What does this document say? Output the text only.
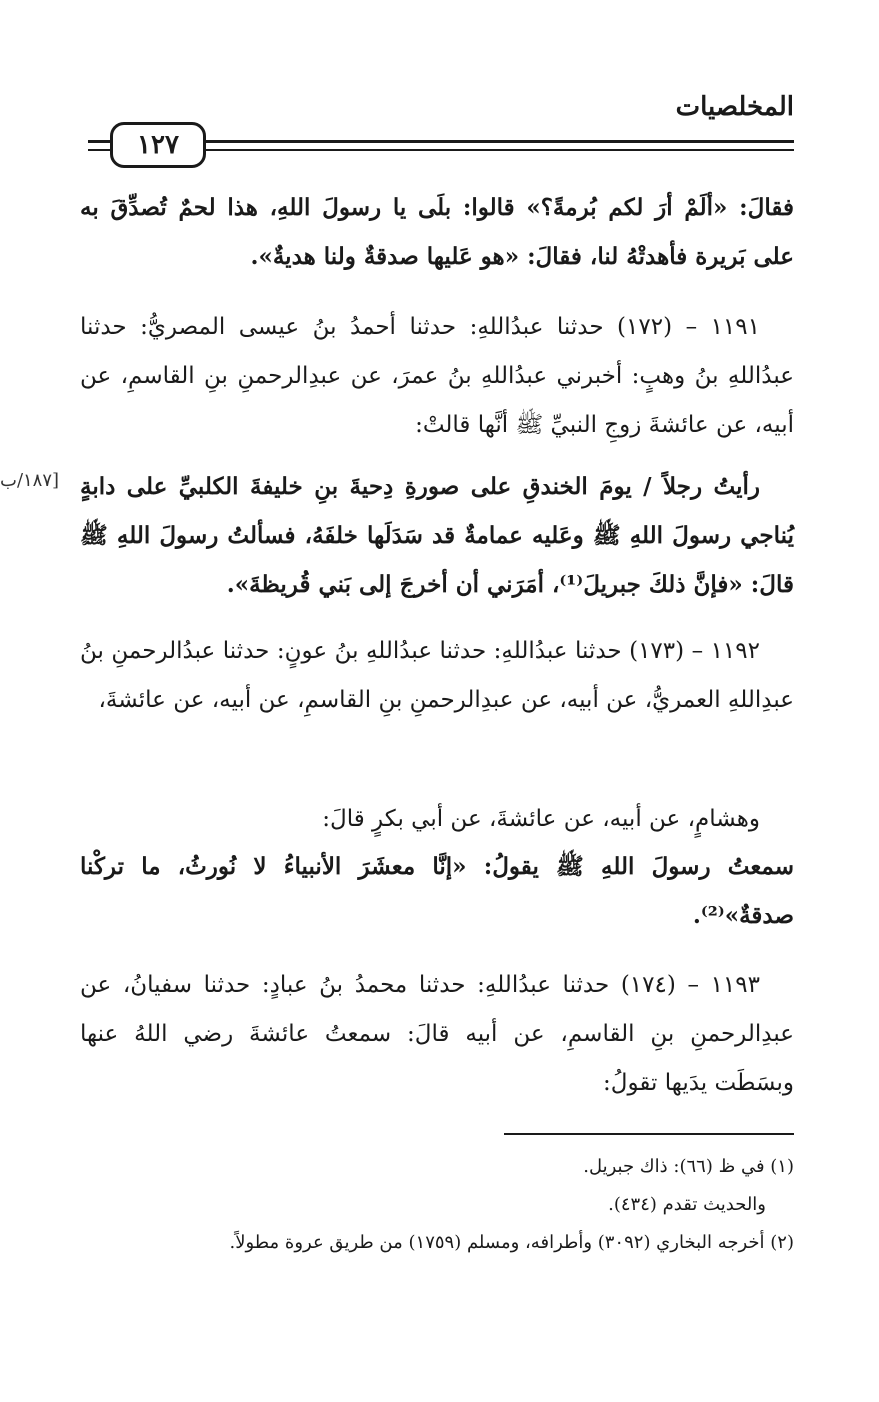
المخلصيات
١٢٧
فقالَ: «ألَمْ أرَ لكم بُرمةً؟» قالوا: بلَى يا رسولَ اللهِ، هذا لحمٌ تُصدِّقَ به على بَريرة فأهدتْهُ لنا، فقالَ: «هو عَليها صدقةٌ ولنا هديةٌ».
١١٩١ – (١٧٢) حدثنا عبدُاللهِ: حدثنا أحمدُ بنُ عيسى المصريُّ: حدثنا عبدُاللهِ بنُ وهبٍ: أخبرني عبدُاللهِ بنُ عمرَ، عن عبدِالرحمنِ بنِ القاسمِ، عن أبيه، عن عائشةَ زوجِ النبيِّ ﷺ أنَّها قالتْ:
[١٨٧/ب رأيتُ رجلاً / يومَ الخندقِ على صورةِ دِحيةَ بنِ خليفةَ الكلبيِّ على دابةٍ يُناجي رسولَ اللهِ ﷺ وعَليه عمامةٌ قد سَدَلَها خلفَهُ، فسألتُ رسولَ اللهِ ﷺ قالَ: «فإنَّ ذلكَ جبريلَ⁽¹⁾، أمَرَني أن أخرجَ إلى بَني قُريظةَ».
١١٩٢ – (١٧٣) حدثنا عبدُاللهِ: حدثنا عبدُاللهِ بنُ عونٍ: حدثنا عبدُالرحمنِ بنُ عبدِاللهِ العمريُّ، عن أبيه، عن عبدِالرحمنِ بنِ القاسمِ، عن أبيه، عن عائشةَ،
وهشامٍ، عن أبيه، عن عائشةَ، عن أبي بكرٍ قالَ:
سمعتُ رسولَ اللهِ ﷺ يقولُ: «إنَّا معشَرَ الأنبياءُ لا نُورثُ، ما تركْنا صدقةٌ»⁽²⁾.
١١٩٣ – (١٧٤) حدثنا عبدُاللهِ: حدثنا محمدُ بنُ عبادٍ: حدثنا سفيانُ، عن عبدِالرحمنِ بنِ القاسمِ، عن أبيه قالَ: سمعتُ عائشةَ رضي اللهُ عنها وبسَطَت يدَيها تقولُ:
(١) في ظ (٦٦): ذاك جبريل.
والحديث تقدم (٤٣٤).
(٢) أخرجه البخاري (٣٠٩٢) وأطرافه، ومسلم (١٧٥٩) من طريق عروة مطولاً.
